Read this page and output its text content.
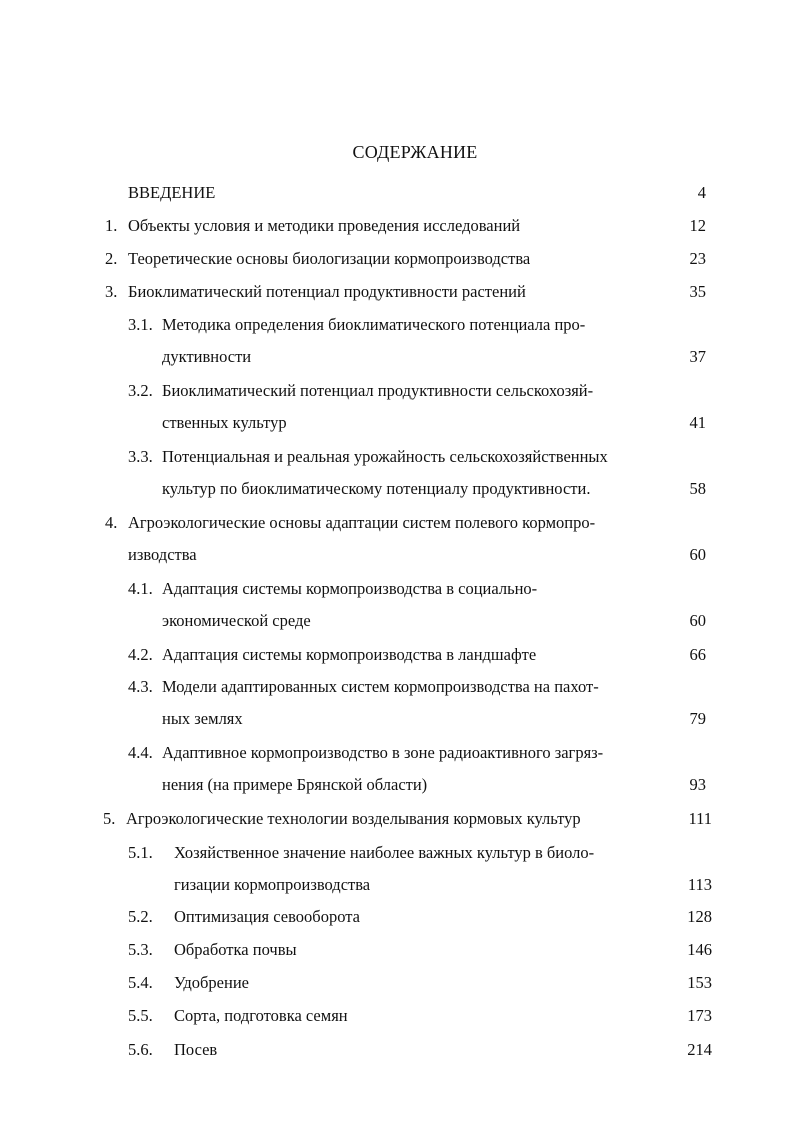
СОДЕРЖАНИЕ
ВВЕДЕНИЕ	4
1. Объекты условия и методики проведения исследований	12
2. Теоретические основы биологизации кормопроизводства	23
3. Биоклиматический потенциал продуктивности растений	35
3.1. Методика определения биоклиматического потенциала про-
дуктивности	37
3.2. Биоклиматический потенциал продуктивности сельскохозяй-
ственных культур	41
3.3. Потенциальная и реальная урожайность сельскохозяйственных
культур по биоклиматическому потенциалу продуктивности.	58
4. Агроэкологические основы адаптации систем полевого кормопро-
изводства	60
4.1. Адаптация системы кормопроизводства в социально-
экономической среде	60
4.2. Адаптация системы кормопроизводства в ландшафте	66
4.3. Модели адаптированных систем кормопроизводства на пахот-
ных землях	79
4.4. Адаптивное кормопроизводство в зоне радиоактивного загряз-
нения (на примере Брянской области)	93
5. Агроэкологические технологии возделывания кормовых культур	111
5.1. Хозяйственное значение наиболее важных культур в биоло-
гизации кормопроизводства	113
5.2. Оптимизация севооборота	128
5.3. Обработка почвы	146
5.4. Удобрение	153
5.5. Сорта, подготовка семян	173
5.6. Посев	214
